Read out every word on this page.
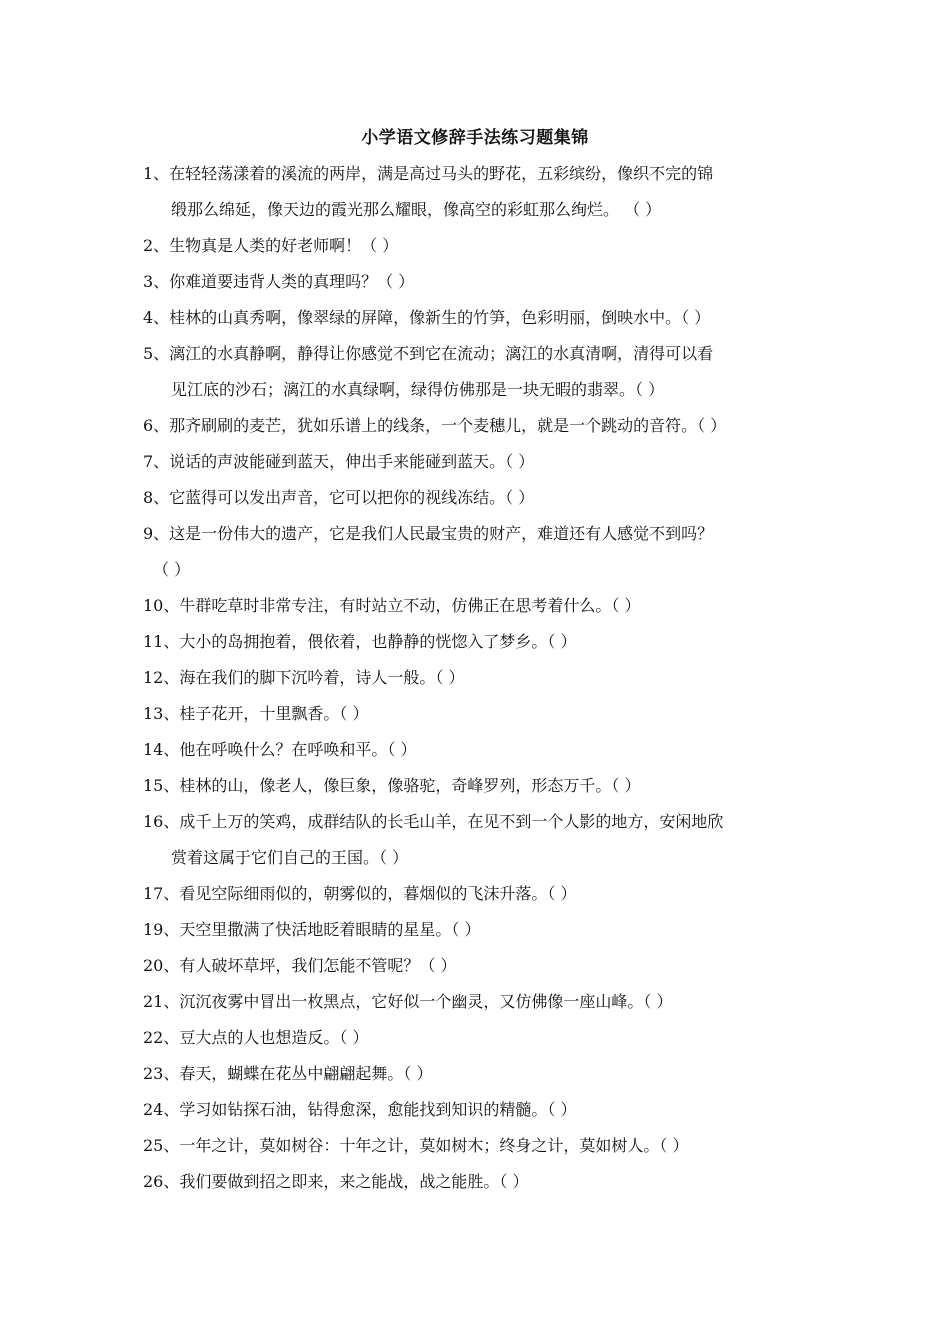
小学语文修辞手法练习题集锦
1、在轻轻荡漾着的溪流的两岸，满是高过马头的野花，五彩缤纷，像织不完的锦
缎那么绵延，像天边的霞光那么耀眼，像高空的彩虹那么绚烂。 （ ）
2、生物真是人类的好老师啊！（ ）
3、你难道要违背人类的真理吗？（ ）
4、桂林的山真秀啊，像翠绿的屏障，像新生的竹笋，色彩明丽，倒映水中。（ ）
5、漓江的水真静啊，静得让你感觉不到它在流动；漓江的水真清啊，清得可以看
见江底的沙石；漓江的水真绿啊，绿得仿佛那是一块无暇的翡翠。（ ）
6、那齐刷刷的麦芒，犹如乐谱上的线条，一个麦穗儿，就是一个跳动的音符。（ ）
7、说话的声波能碰到蓝天，伸出手来能碰到蓝天。（ ）
8、它蓝得可以发出声音，它可以把你的视线冻结。（ ）
9、这是一份伟大的遗产，它是我们人民最宝贵的财产，难道还有人感觉不到吗？
（ ）
10、牛群吃草时非常专注，有时站立不动，仿佛正在思考着什么。（ ）
11、大小的岛拥抱着，偎依着，也静静的恍惚入了梦乡。（ ）
12、海在我们的脚下沉吟着，诗人一般。（ ）
13、桂子花开，十里飘香。（ ）
14、他在呼唤什么？在呼唤和平。（ ）
15、桂林的山，像老人，像巨象，像骆驼，奇峰罗列，形态万千。（ ）
16、成千上万的笑鸡，成群结队的长毛山羊，在见不到一个人影的地方，安闲地欣
赏着这属于它们自己的王国。（ ）
17、看见空际细雨似的，朝雾似的，暮烟似的飞沫升落。（ ）
19、天空里撒满了快活地眨着眼睛的星星。（ ）
20、有人破坏草坪，我们怎能不管呢？（ ）
21、沉沉夜雾中冒出一枚黑点，它好似一个幽灵，又仿佛像一座山峰。（ ）
22、豆大点的人也想造反。（ ）
23、春天，蝴蝶在花丛中翩翩起舞。（ ）
24、学习如钻探石油，钻得愈深，愈能找到知识的精髓。（ ）
25、一年之计，莫如树谷：十年之计，莫如树木；终身之计，莫如树人。（ ）
26、我们要做到招之即来，来之能战，战之能胜。（ ）
